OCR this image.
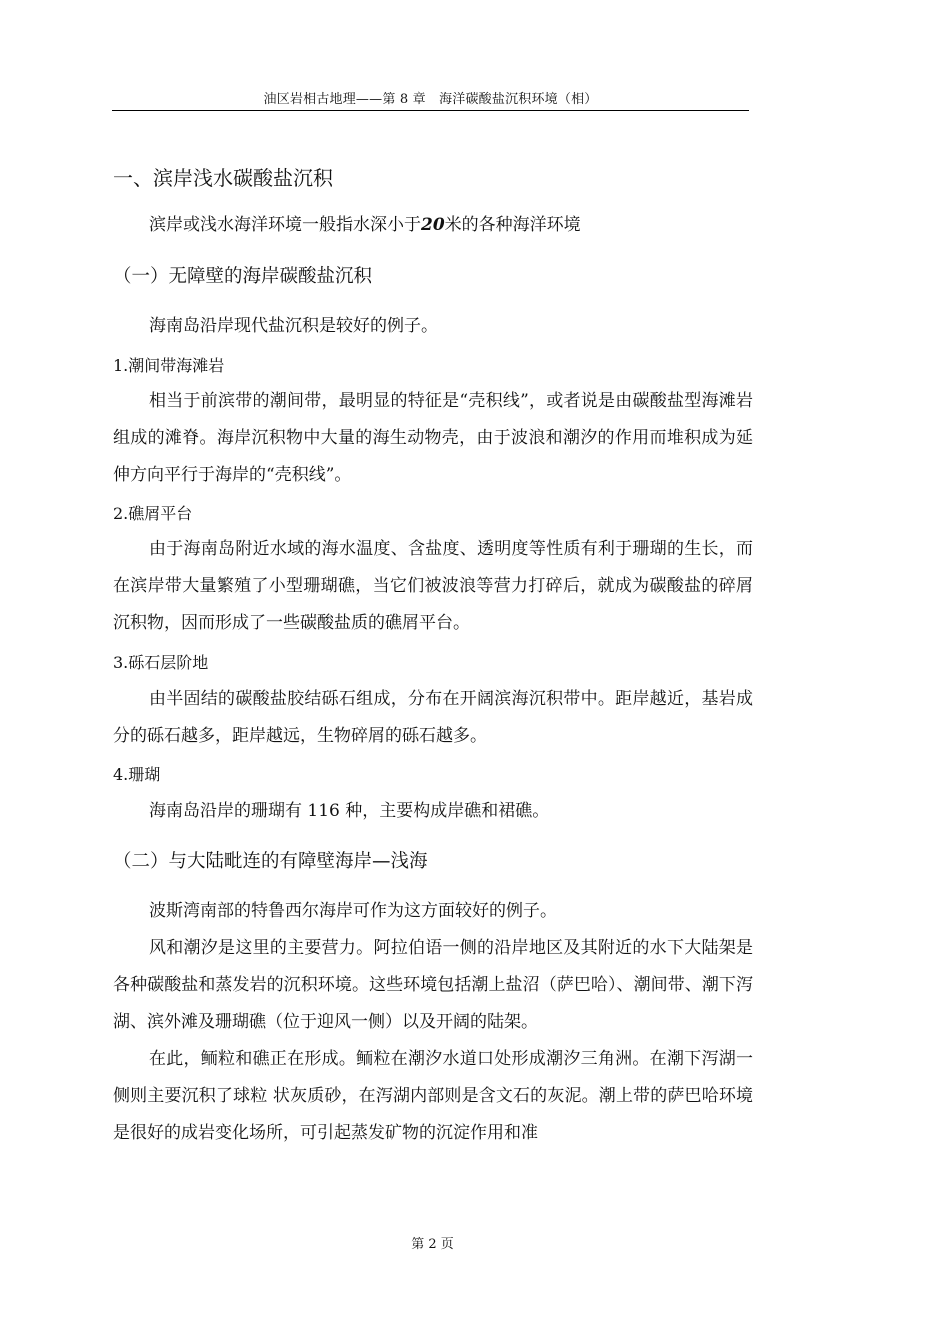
油区岩相古地理——第 8 章　海洋碳酸盐沉积环境（相）
一、滨岸浅水碳酸盐沉积

滨岸或浅水海洋环境一般指水深小于20米的各种海洋环境

（一）无障壁的海岸碳酸盐沉积

海南岛沿岸现代盐沉积是较好的例子。

1.潮间带海滩岩

相当于前滨带的潮间带，最明显的特征是“壳积线”，或者说是由碳酸盐型海滩岩组成的滩脊。海岸沉积物中大量的海生动物壳，由于波浪和潮汐的作用而堆积成为延伸方向平行于海岸的“壳积线”。

2.礁屑平台

由于海南岛附近水域的海水温度、含盐度、透明度等性质有利于珊瑚的生长，而在滨岸带大量繁殖了小型珊瑚礁，当它们被波浪等营力打碎后，就成为碳酸盐的碎屑沉积物，因而形成了一些碳酸盐质的礁屑平台。

3.砾石层阶地

由半固结的碳酸盐胶结砾石组成，分布在开阔滨海沉积带中。距岸越近，基岩成分的砾石越多，距岸越远，生物碎屑的砾石越多。

4.珊瑚

海南岛沿岸的珊瑚有 116 种，主要构成岸礁和裙礁。

（二）与大陆毗连的有障壁海岸—浅海

波斯湾南部的特鲁西尔海岸可作为这方面较好的例子。

风和潮汐是这里的主要营力。阿拉伯语一侧的沿岸地区及其附近的水下大陆架是各种碳酸盐和蒸发岩的沉积环境。这些环境包括潮上盐沼（萨巴哈）、潮间带、潮下泻湖、滨外滩及珊瑚礁（位于迎风一侧）以及开阔的陆架。

在此，鲕粒和礁正在形成。鲕粒在潮汐水道口处形成潮汐三角洲。在潮下泻湖一侧则主要沉积了球粒 状灰质砂，在泻湖内部则是含文石的灰泥。潮上带的萨巴哈环境是很好的成岩变化场所，可引起蒸发矿物的沉淀作用和准

第 2 页
